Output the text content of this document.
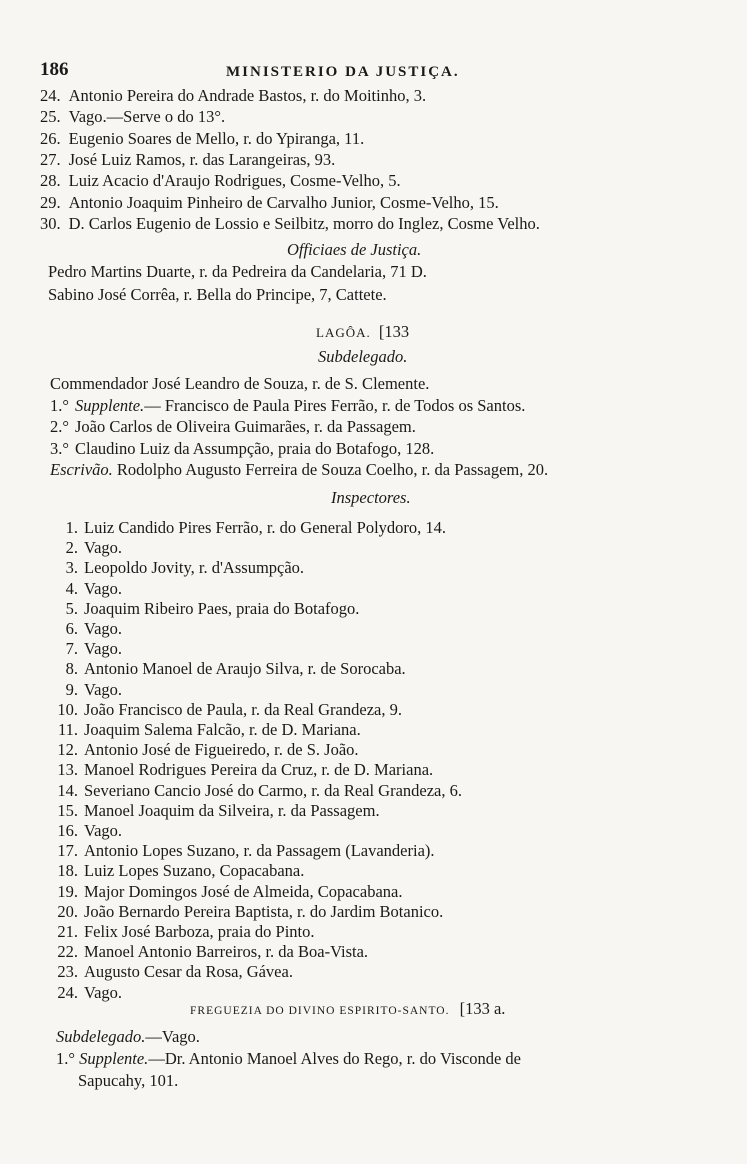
186	MINISTERIO DA JUSTIÇA.
24. Antonio Pereira do Andrade Bastos, r. do Moitinho, 3.
25. Vago.—Serve o do 13°.
26. Eugenio Soares de Mello, r. do Ypiranga, 11.
27. José Luiz Ramos, r. das Larangeiras, 93.
28. Luiz Acacio d'Araujo Rodrigues, Cosme-Velho, 5.
29. Antonio Joaquim Pinheiro de Carvalho Junior, Cosme-Velho, 15.
30. D. Carlos Eugenio de Lossio e Seilbitz, morro do Inglez, Cosme Velho.
Officiaes de Justiça.
Pedro Martins Duarte, r. da Pedreira da Candelaria, 71 D.
Sabino José Corrêa, r. Bella do Principe, 7, Cattete.
LAGÔA. [133
Subdelegado.
Commendador José Leandro de Souza, r. de S. Clemente.
1.° Supplente.— Francisco de Paula Pires Ferrão, r. de Todos os Santos.
2.° João Carlos de Oliveira Guimarães, r. da Passagem.
3.° Claudino Luiz da Assumpção, praia do Botafogo, 128.
Escrivão. Rodolpho Augusto Ferreira de Souza Coelho, r. da Passagem, 20.
Inspectores.
1. Luiz Candido Pires Ferrão, r. do General Polydoro, 14.
2. Vago.
3. Leopoldo Jovity, r. d'Assumpção.
4. Vago.
5. Joaquim Ribeiro Paes, praia do Botafogo.
6. Vago.
7. Vago.
8. Antonio Manoel de Araujo Silva, r. de Sorocaba.
9. Vago.
10. João Francisco de Paula, r. da Real Grandeza, 9.
11. Joaquim Salema Falcão, r. de D. Mariana.
12. Antonio José de Figueiredo, r. de S. João.
13. Manoel Rodrigues Pereira da Cruz, r. de D. Mariana.
14. Severiano Cancio José do Carmo, r. da Real Grandeza, 6.
15. Manoel Joaquim da Silveira, r. da Passagem.
16. Vago.
17. Antonio Lopes Suzano, r. da Passagem (Lavanderia).
18. Luiz Lopes Suzano, Copacabana.
19. Major Domingos José de Almeida, Copacabana.
20. João Bernardo Pereira Baptista, r. do Jardim Botanico.
21. Felix José Barboza, praia do Pinto.
22. Manoel Antonio Barreiros, r. da Boa-Vista.
23. Augusto Cesar da Rosa, Gávea.
24. Vago.
FREGUEZIA DO DIVINO ESPIRITO-SANTO. [133 a.
Subdelegado.—Vago.
1.° Supplente.—Dr. Antonio Manoel Alves do Rego, r. do Visconde de
Sapucahy, 101.
